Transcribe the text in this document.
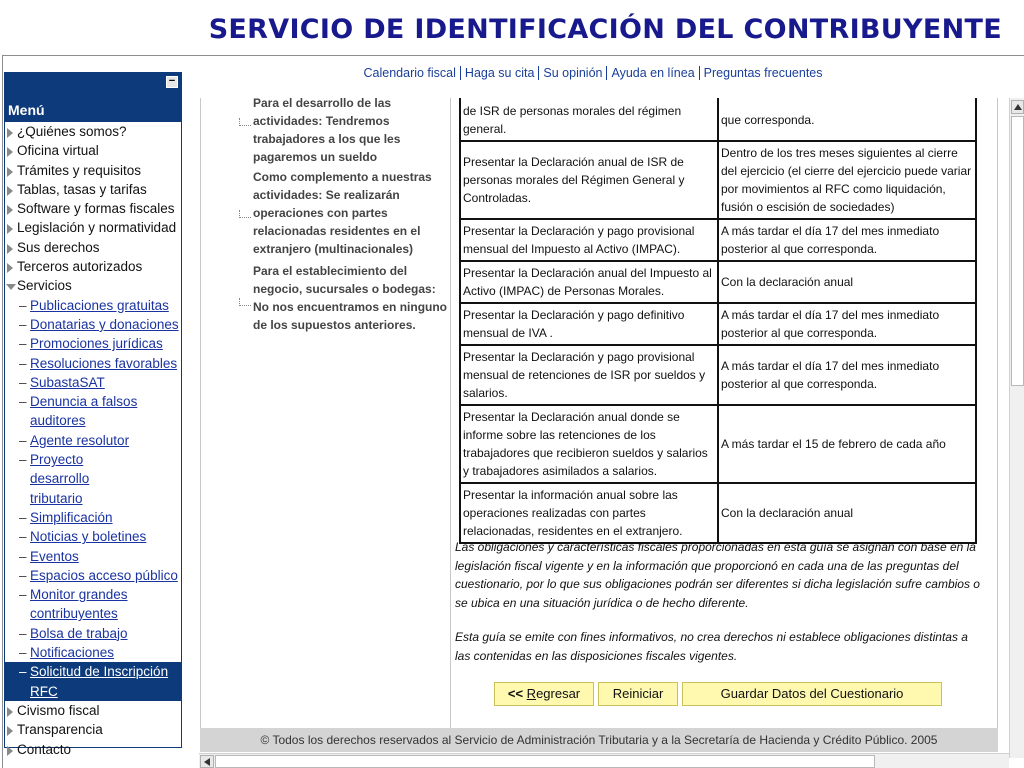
SERVICIO DE IDENTIFICACIÓN DEL CONTRIBUYENTE
Calendario fiscal Haga su cita Su opinión Ayuda en línea Preguntas frecuentes
−
Menú
¿Quiénes somos?
Oficina virtual
Trámites y requisitos
Tablas, tasas y tarifas
Software y formas fiscales
Legislación y normatividad
Sus derechos
Terceros autorizados
Servicios
– Publicaciones gratuitas
– Donatarias y donaciones
– Promociones jurídicas
– Resoluciones favorables
– SubastaSAT
– Denuncia a falsos auditores
– Agente resolutor
– Proyecto desarrollo tributario
– Simplificación
– Noticias y boletines
– Eventos
– Espacios acceso público
– Monitor grandes contribuyentes
– Bolsa de trabajo
– Notificaciones
– Solicitud de Inscripción RFC
Civismo fiscal
Transparencia
Contacto
Para el desarrollo de las actividades: Tendremos trabajadores a los que les pagaremos un sueldo
Como complemento a nuestras actividades: Se realizarán operaciones con partes relacionadas residentes en el extranjero (multinacionales)
Para el establecimiento del negocio, sucursales o bodegas: No nos encuentramos en ninguno de los supuestos anteriores.
de ISR de personas morales del régimen general.	que corresponda.
Presentar la Declaración anual de ISR de personas morales del Régimen General y Controladas.	Dentro de los tres meses siguientes al cierre del ejercicio (el cierre del ejercicio puede variar por movimientos al RFC como liquidación, fusión o escisión de sociedades)
Presentar la Declaración y pago provisional mensual del Impuesto al Activo (IMPAC).	A más tardar el día 17 del mes inmediato posterior al que corresponda.
Presentar la Declaración anual del Impuesto al Activo (IMPAC) de Personas Morales.	Con la declaración anual
Presentar la Declaración y pago definitivo mensual de IVA .	A más tardar el día 17 del mes inmediato posterior al que corresponda.
Presentar la Declaración y pago provisional mensual de retenciones de ISR por sueldos y salarios.	A más tardar el día 17 del mes inmediato posterior al que corresponda.
Presentar la Declaración anual donde se informe sobre las retenciones de los trabajadores que recibieron sueldos y salarios y trabajadores asimilados a salarios.	A más tardar el 15 de febrero de cada año
Presentar la información anual sobre las operaciones realizadas con partes relacionadas, residentes en el extranjero.	Con la declaración anual
Las obligaciones y características fiscales proporcionadas en esta guía se asignan con base en la legislación fiscal vigente y en la información que proporcionó en cada una de las preguntas del cuestionario, por lo que sus obligaciones podrán ser diferentes si dicha legislación sufre cambios o se ubica en una situación jurídica o de hecho diferente.
Esta guía se emite con fines informativos, no crea derechos ni establece obligaciones distintas a las contenidas en las disposiciones fiscales vigentes.
<< Regresar	Reiniciar	Guardar Datos del Cuestionario
© Todos los derechos reservados al Servicio de Administración Tributaria y a la Secretaría de Hacienda y Crédito Público. 2005
